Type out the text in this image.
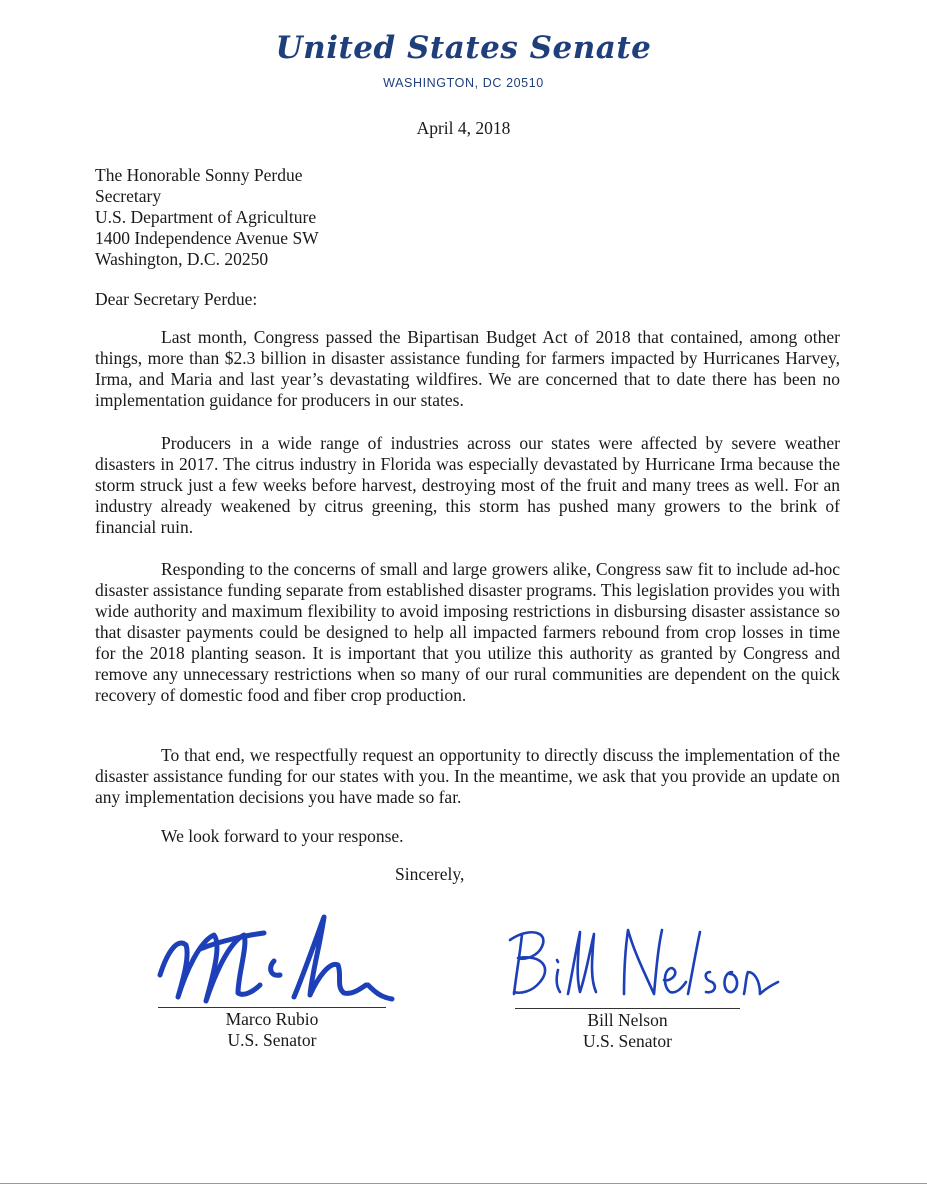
United States Senate
WASHINGTON, DC 20510
April 4, 2018
The Honorable Sonny Perdue
Secretary
U.S. Department of Agriculture
1400 Independence Avenue SW
Washington, D.C. 20250
Dear Secretary Perdue:

Last month, Congress passed the Bipartisan Budget Act of 2018 that contained, among other things, more than $2.3 billion in disaster assistance funding for farmers impacted by Hurricanes Harvey, Irma, and Maria and last year’s devastating wildfires. We are concerned that to date there has been no implementation guidance for producers in our states.

Producers in a wide range of industries across our states were affected by severe weather disasters in 2017. The citrus industry in Florida was especially devastated by Hurricane Irma because the storm struck just a few weeks before harvest, destroying most of the fruit and many trees as well. For an industry already weakened by citrus greening, this storm has pushed many growers to the brink of financial ruin.

Responding to the concerns of small and large growers alike, Congress saw fit to include ad-hoc disaster assistance funding separate from established disaster programs. This legislation provides you with wide authority and maximum flexibility to avoid imposing restrictions in disbursing disaster assistance so that disaster payments could be designed to help all impacted farmers rebound from crop losses in time for the 2018 planting season. It is important that you utilize this authority as granted by Congress and remove any unnecessary restrictions when so many of our rural communities are dependent on the quick recovery of domestic food and fiber crop production.

To that end, we respectfully request an opportunity to directly discuss the implementation of the disaster assistance funding for our states with you. In the meantime, we ask that you provide an update on any implementation decisions you have made so far.

We look forward to your response.
Sincerely,
Marco Rubio
U.S. Senator
Bill Nelson
U.S. Senator
